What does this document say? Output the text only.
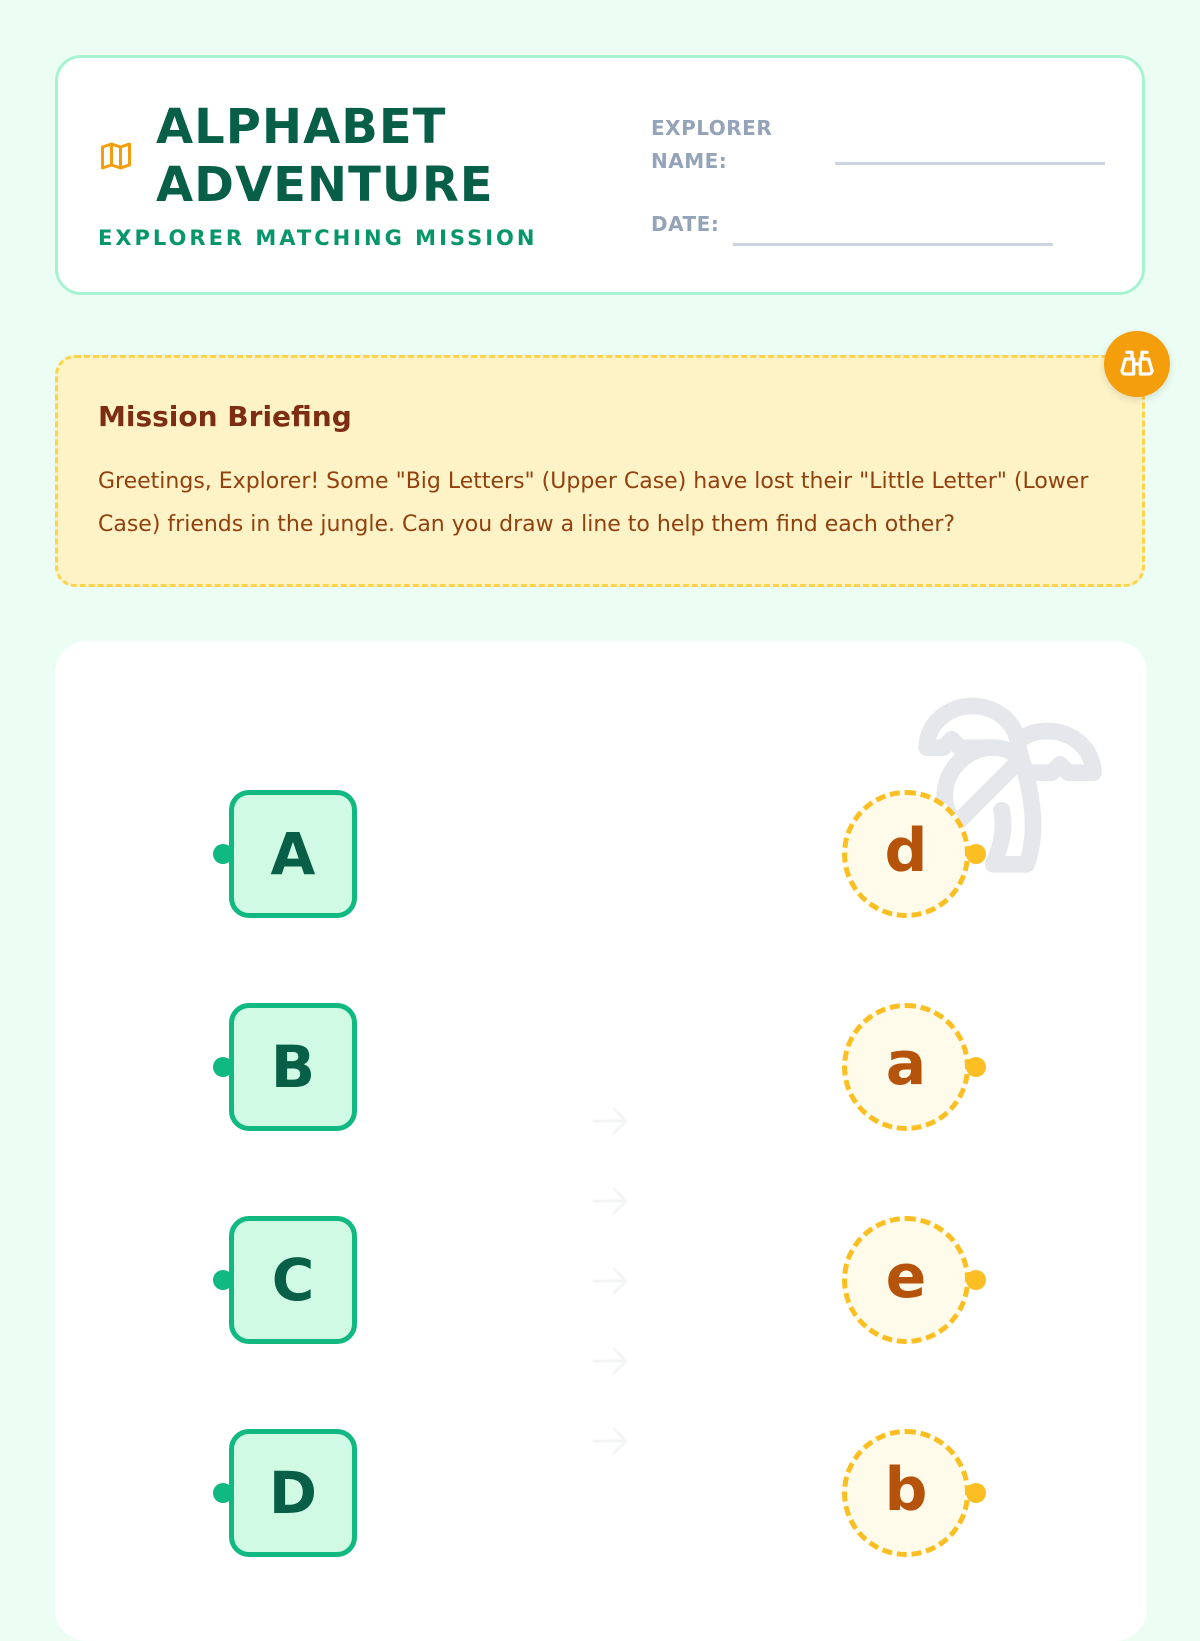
ALPHABET
ADVENTURE
EXPLORER MATCHING MISSION
EXPLORER
NAME:
DATE:
Mission Briefing

Greetings, Explorer! Some "Big Letters" (Upper Case) have lost their "Little Letter" (Lower Case) friends in the jungle. Can you draw a line to help them find each other?

A
B
C
D
d
a
e
b
